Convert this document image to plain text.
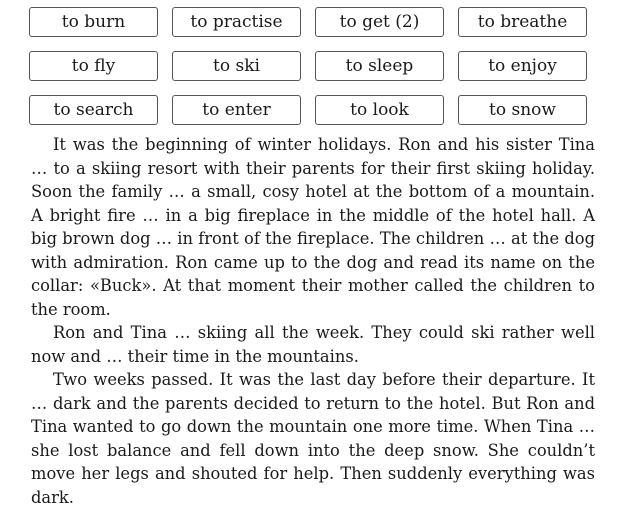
to burn	to practise	to get (2)	to breathe
to fly	to ski	to sleep	to enjoy
to search	to enter	to look	to snow

It was the beginning of winter holidays. Ron and his sister Tina … to a skiing resort with their parents for their first skiing holiday. Soon the family … a small, cosy hotel at the bottom of a mountain. A bright fire … in a big fireplace in the middle of the hotel hall. A big brown dog … in front of the fireplace. The children … at the dog with admiration. Ron came up to the dog and read its name on the collar: «Buck». At that moment their mother called the children to the room.

Ron and Tina … skiing all the week. They could ski rather well now and … their time in the mountains.

Two weeks passed. It was the last day before their departure. It … dark and the parents decided to return to the hotel. But Ron and Tina wanted to go down the mountain one more time. When Tina … she lost balance and fell down into the deep snow. She couldn’t move her legs and shouted for help. Then suddenly everything was dark.
